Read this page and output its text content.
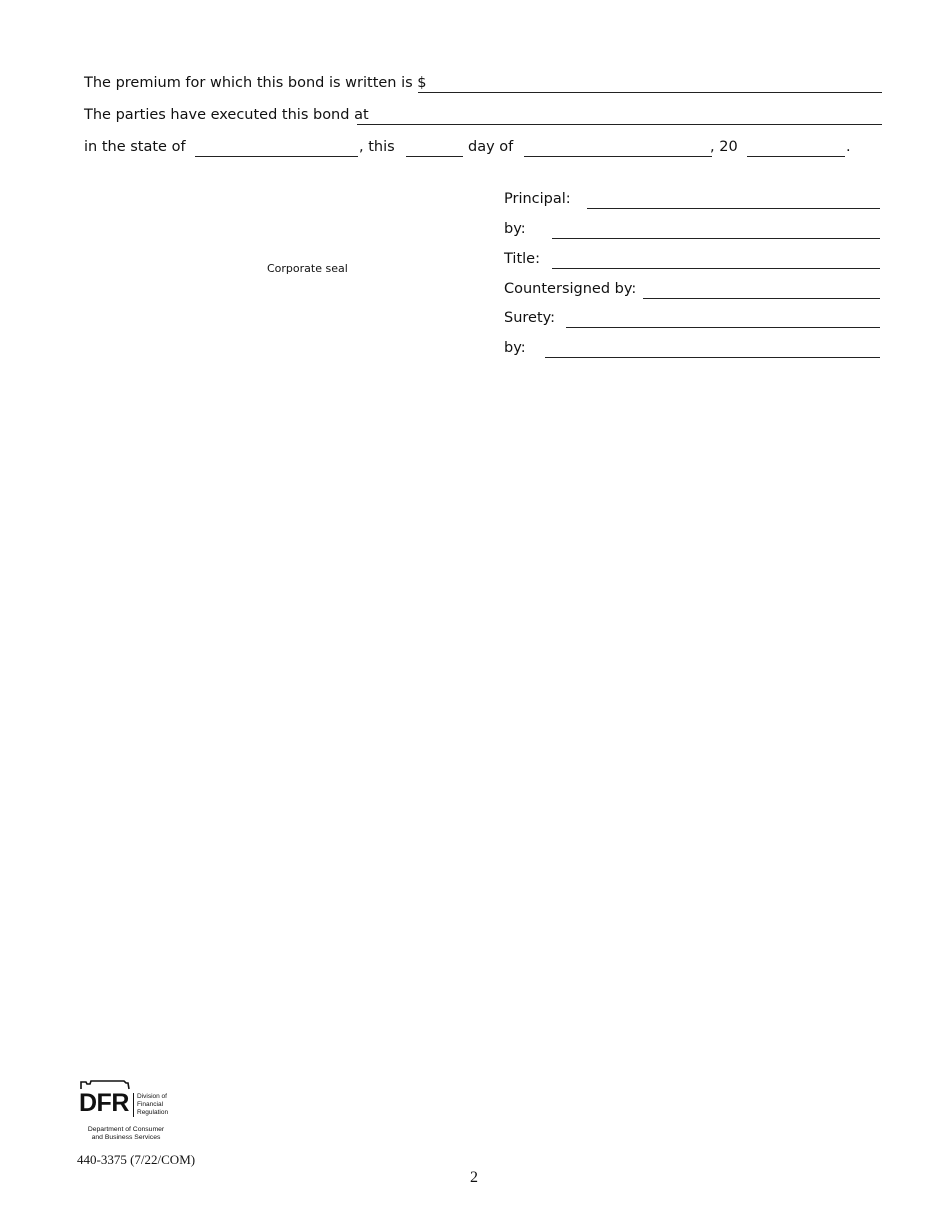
The premium for which this bond is written is $
The parties have executed this bond at
in the state of	, this	day of	, 20	.
Corporate seal
Principal:
by:
Title:
Countersigned by:
Surety:
by:
DFR Division of
Financial
Regulation
Department of Consumer
and Business Services
440-3375 (7/22/COM)
2
